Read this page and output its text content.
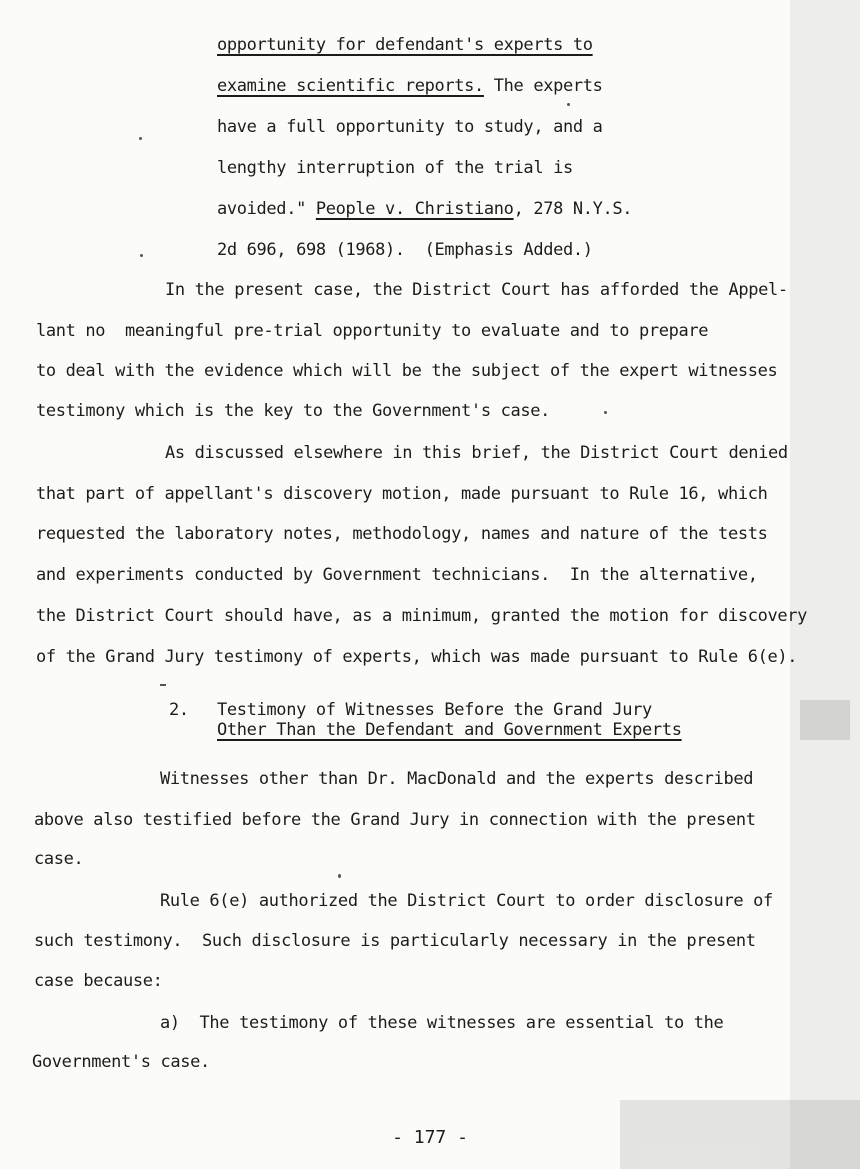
opportunity for defendant's experts to
examine scientific reports. The experts
have a full opportunity to study, and a
lengthy interruption of the trial is
avoided." People v. Christiano, 278 N.Y.S.
2d 696, 698 (1968).  (Emphasis Added.)
In the present case, the District Court has afforded the Appel-
lant no  meaningful pre-trial opportunity to evaluate and to prepare
to deal with the evidence which will be the subject of the expert witnesses
testimony which is the key to the Government's case.
As discussed elsewhere in this brief, the District Court denied
that part of appellant's discovery motion, made pursuant to Rule 16, which
requested the laboratory notes, methodology, names and nature of the tests
and experiments conducted by Government technicians.  In the alternative,
the District Court should have, as a minimum, granted the motion for discovery
of the Grand Jury testimony of experts, which was made pursuant to Rule 6(e).
2. Testimony of Witnesses Before the Grand Jury
Other Than the Defendant and Government Experts
Witnesses other than Dr. MacDonald and the experts described
above also testified before the Grand Jury in connection with the present
case.
Rule 6(e) authorized the District Court to order disclosure of
such testimony.  Such disclosure is particularly necessary in the present
case because:
a)  The testimony of these witnesses are essential to the
Government's case.
- 177 -
